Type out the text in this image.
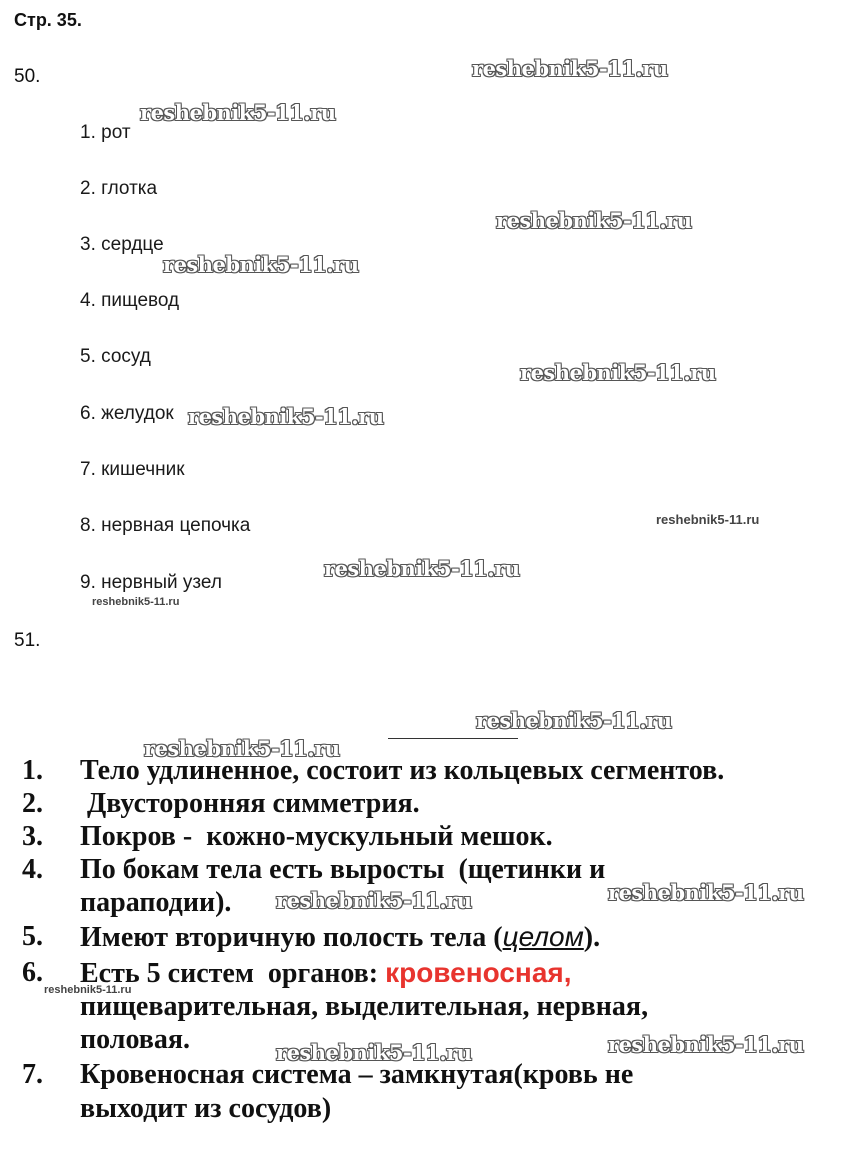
Стр. 35.
50.
1. рот
2. глотка
3. сердце
4. пищевод
5. сосуд
6. желудок
7. кишечник
8. нервная цепочка
9. нервный узел
51.
1. Тело удлиненное, состоит из кольцевых сегментов.
2. Двусторонняя симметрия.
3. Покров -  кожно-мускульный мешок.
4. По бокам тела есть выросты  (щетинки и
параподии).
5. Имеют вторичную полость тела (целом).
6. Есть 5 систем  органов: кровеносная,
пищеварительная, выделительная, нервная,
половая.
7. Кровеносная система – замкнутая(кровь не
выходит из сосудов)
reshebnik5-11.ru
reshebnik5-11.ru
reshebnik5-11.ru
reshebnik5-11.ru
reshebnik5-11.ru
reshebnik5-11.ru
reshebnik5-11.ru
reshebnik5-11.ru
reshebnik5-11.ru
reshebnik5-11.ru
reshebnik5-11.ru
reshebnik5-11.ru
reshebnik5-11.ru
reshebnik5-11.ru
reshebnik5-11.ru
reshebnik5-11.ru
